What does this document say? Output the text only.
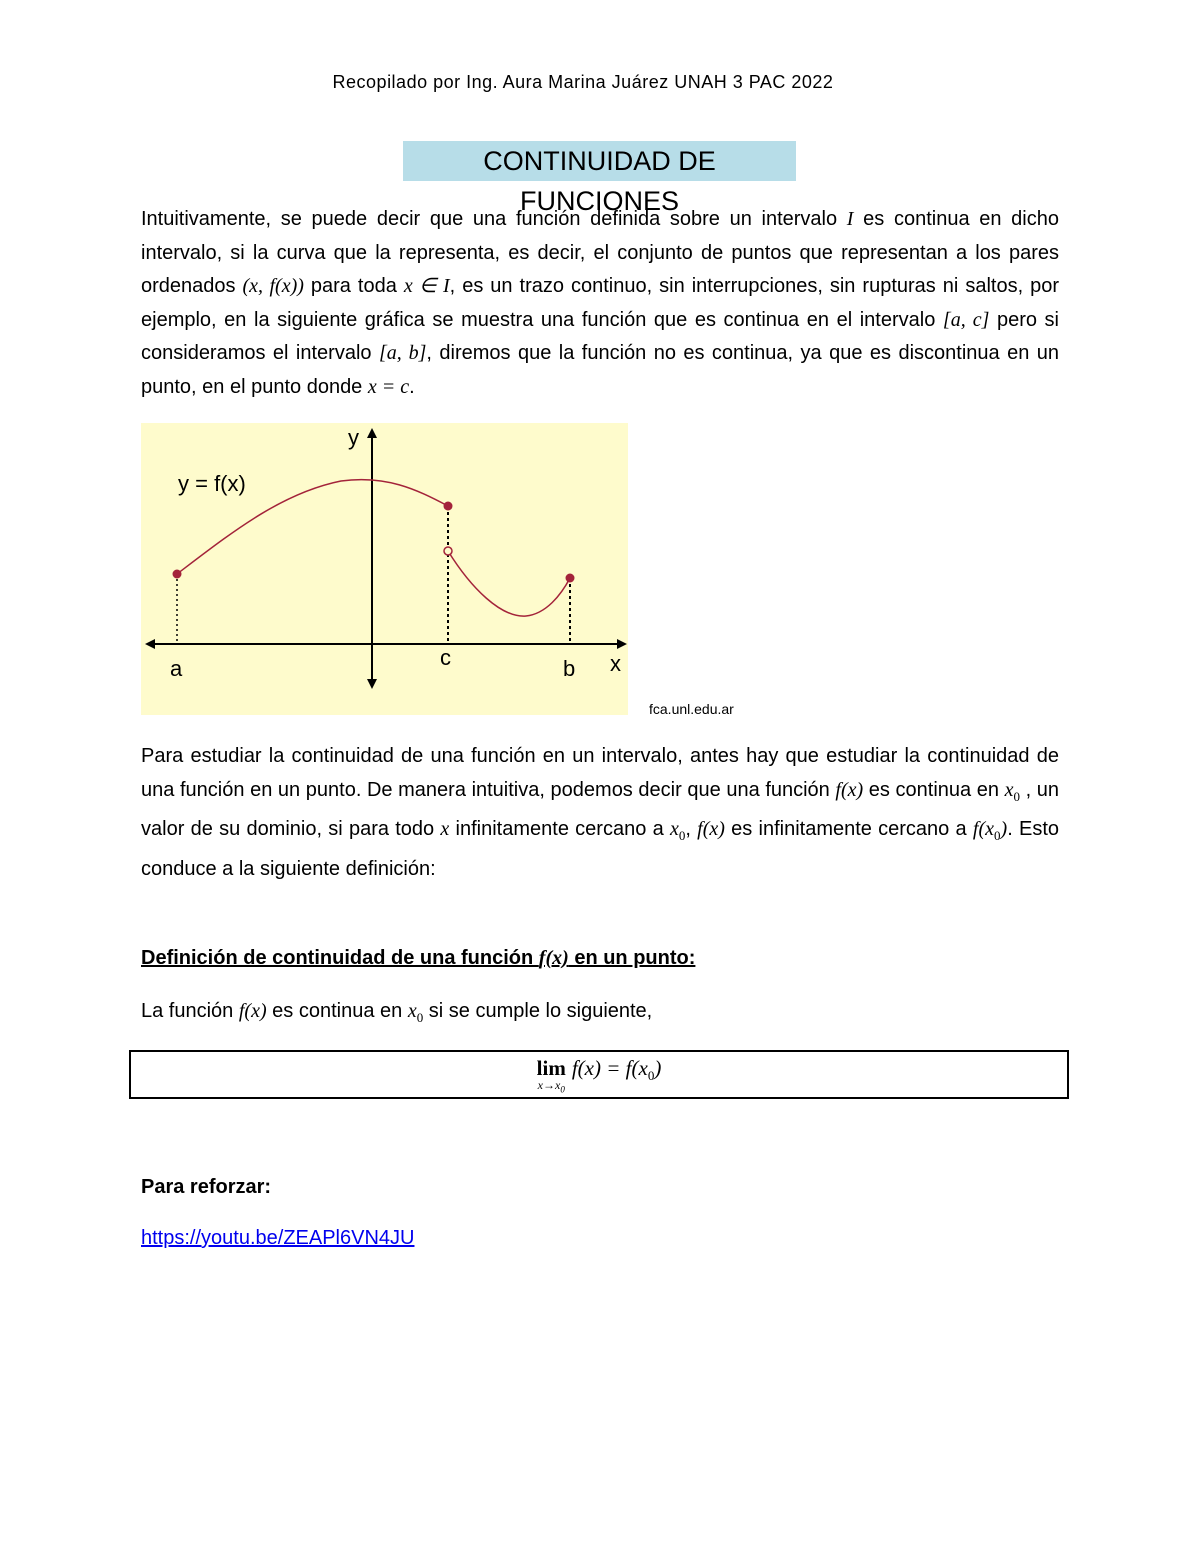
Recopilado por Ing. Aura Marina Juárez UNAH 3 PAC 2022
CONTINUIDAD DE FUNCIONES

Intuitivamente, se puede decir que una función definida sobre un intervalo I es continua en dicho intervalo, si la curva que la representa, es decir, el conjunto de puntos que representan a los pares ordenados (x, f(x)) para toda x ∈ I, es un trazo continuo, sin interrupciones, sin rupturas ni saltos, por ejemplo, en la siguiente gráfica se muestra una función que es continua en el intervalo [a, c] pero si consideramos el intervalo [a, b], diremos que la función no es continua, ya que es discontinua en un punto, en el punto donde x = c.

y = f(x)
y
x
a	c	b
fca.unl.edu.ar

Para estudiar la continuidad de una función en un intervalo, antes hay que estudiar la continuidad de una función en un punto. De manera intuitiva, podemos decir que una función f(x) es continua en $x_0$ , un valor de su dominio, si para todo x infinitamente cercano a $x_0$, f(x) es infinitamente cercano a $f(x_0)$. Esto conduce a la siguiente definición:

Definición de continuidad de una función f(x) en un punto:
La función f(x) es continua en $x_0$ si se cumple lo siguiente,
lim
$x\to x_0$
$f(x) = f(x_0)$
Para reforzar:
https://youtu.be/ZEAPl6VN4JU
